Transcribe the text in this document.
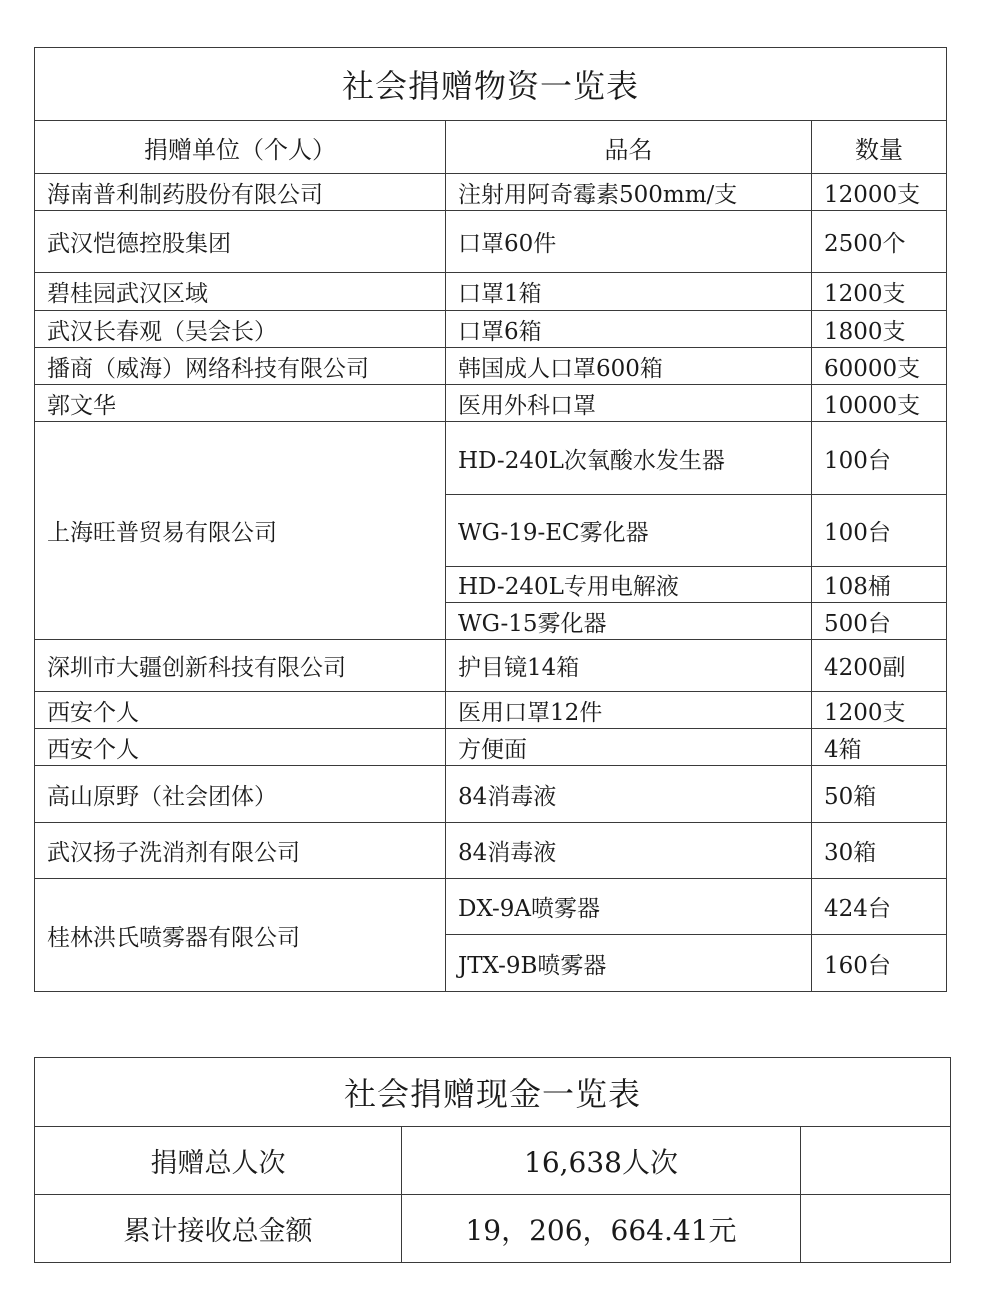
社会捐赠物资一览表		
捐赠单位（个人）	品名	数量
海南普利制药股份有限公司	注射用阿奇霉素500mm/支	12000支
武汉恺德控股集团	口罩60件	2500个
碧桂园武汉区域	口罩1箱	1200支
武汉长春观（吴会长）	口罩6箱	1800支
播商（威海）网络科技有限公司	韩国成人口罩600箱	60000支
郭文华	医用外科口罩	10000支
上海旺普贸易有限公司	HD-240L次氧酸水发生器	100台
	WG-19-EC雾化器	100台
	HD-240L专用电解液	108桶
	WG-15雾化器	500台
深圳市大疆创新科技有限公司	护目镜14箱	4200副
西安个人	医用口罩12件	1200支
西安个人	方便面	4箱
高山原野（社会团体）	84消毒液	50箱
武汉扬子洗消剂有限公司	84消毒液	30箱
桂林洪氏喷雾器有限公司	DX-9A喷雾器	424台
	JTX-9B喷雾器	160台
社会捐赠现金一览表		
捐赠总人次	16,638人次	
累计接收总金额	19，206，664.41元	
